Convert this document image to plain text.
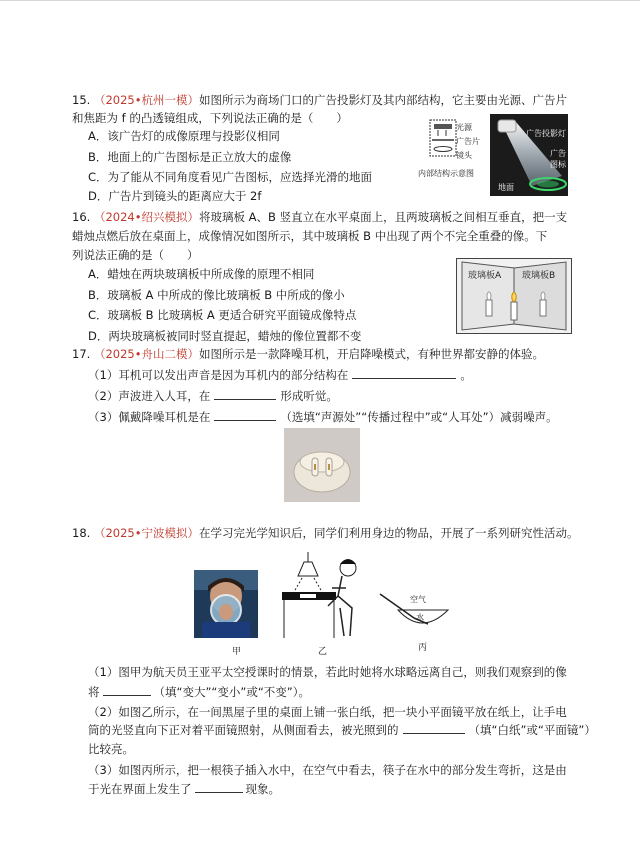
15. （2025•杭州一模）如图所示为商场门口的广告投影灯及其内部结构，它主要由光源、广告片
和焦距为 f 的凸透镜组成，下列说法正确的是（　　）
A．该广告灯的成像原理与投影仪相同
B．地面上的广告图标是正立放大的虚像
C．为了能从不同角度看见广告图标，应选择光滑的地面
D．广告片到镜头的距离应大于 2f
光源
广告片
镜头
内部结构示意图
广告投影灯
广告
图标
地面
16. （2024•绍兴模拟）将玻璃板 A、B 竖直立在水平桌面上，且两玻璃板之间相互垂直，把一支
蜡烛点燃后放在桌面上，成像情况如图所示，其中玻璃板 B 中出现了两个不完全重叠的像。下
列说法正确的是（　　）
A．蜡烛在两块玻璃板中所成像的原理不相同
B．玻璃板 A 中所成的像比玻璃板 B 中所成的像小
C．玻璃板 B 比玻璃板 A 更适合研究平面镜成像特点
D．两块玻璃板被同时竖直提起，蜡烛的像位置都不变
玻璃板A 玻璃板B
17. （2025•舟山二模）如图所示是一款降噪耳机，开启降噪模式，有种世界都安静的体验。
（1）耳机可以发出声音是因为耳机内的部分结构在	。
（2）声波进入人耳，在	形成听觉。
（3）佩戴降噪耳机是在	（选填“声源处”“传播过程中”或“人耳处”）减弱噪声。
18. （2025•宁波模拟）在学习完光学知识后，同学们利用身边的物品，开展了一系列研究性活动。
空气
水
甲	乙	丙
（1）图甲为航天员王亚平太空授课时的情景，若此时她将水球略远离自己，则我们观察到的像
将	（填“变大”“变小”或“不变”）。
（2）如图乙所示，在一间黑屋子里的桌面上铺一张白纸，把一块小平面镜平放在纸上，让手电
筒的光竖直向下正对着平面镜照射，从侧面看去，被光照到的	（填“白纸”或“平面镜”）
比较亮。
（3）如图丙所示，把一根筷子插入水中，在空气中看去，筷子在水中的部分发生弯折，这是由
于光在界面上发生了	现象。
